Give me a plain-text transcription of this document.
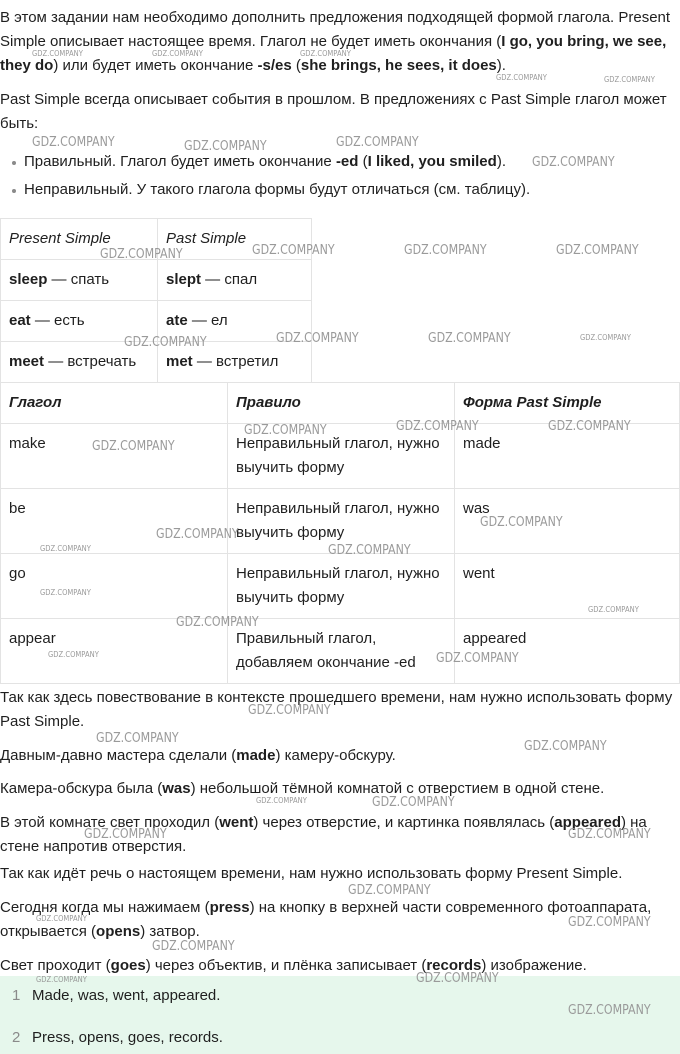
В этом задании нам необходимо дополнить предложения подходящей формой глагола. Present Simple описывает настоящее время. Глагол не будет иметь окончания (I go, you bring, we see, they do) или будет иметь окончание -s/es (she brings, he sees, it does).

Past Simple всегда описывает события в прошлом. В предложениях с Past Simple глагол может быть:

Правильный. Глагол будет иметь окончание -ed (I liked, you smiled).
Неправильный. У такого глагола формы будут отличаться (см. таблицу).
Present Simple	Past Simple
sleep — спать	slept — спал
eat — есть	ate — ел
meet — встречать	met — встретил
Глагол	Правило	Форма Past Simple
make	Неправильный глагол, нужно выучить форму	made
be	Неправильный глагол, нужно выучить форму	was
go	Неправильный глагол, нужно выучить форму	went
appear	Правильный глагол, добавляем окончание -ed	appeared

Так как здесь повествование в контексте прошедшего времени, нам нужно использовать форму Past Simple.

Давным-давно мастера сделали (made) камеру-обскуру.

Камера-обскура была (was) небольшой тёмной комнатой с отверстием в одной стене.

В этой комнате свет проходил (went) через отверстие, и картинка появлялась (appeared) на стене напротив отверстия.

Так как идёт речь о настоящем времени, нам нужно использовать форму Present Simple.

Сегодня когда мы нажимаем (press) на кнопку в верхней части современного фотоаппарата, открывается (opens) затвор.

Свет проходит (goes) через объектив, и плёнка записывает (records) изображение.

1 Made, was, went, appeared.
2 Press, opens, goes, records.
GDZ.COMPANY	GDZ.COMPANY	GDZ.COMPANY
GDZ.COMPANY	GDZ.COMPANY
GDZ.COMPANY	GDZ.COMPANY	GDZ.COMPANY
GDZ.COMPANY
GDZ.COMPANY	GDZ.COMPANY	GDZ.COMPANY	GDZ.COMPANY
GDZ.COMPANY	GDZ.COMPANY	GDZ.COMPANY	GDZ.COMPANY
GDZ.COMPANY
GDZ.COMPANY	GDZ.COMPANY	GDZ.COMPANY
GDZ.COMPANY
GDZ.COMPANY
GDZ.COMPANY	GDZ.COMPANY
GDZ.COMPANY
GDZ.COMPANY
GDZ.COMPANY
GDZ.COMPANY	GDZ.COMPANY
GDZ.COMPANY
GDZ.COMPANY
GDZ.COMPANY
GDZ.COMPANY	GDZ.COMPANY
GDZ.COMPANY	GDZ.COMPANY
GDZ.COMPANY
GDZ.COMPANY	GDZ.COMPANY
GDZ.COMPANY
GDZ.COMPANY	GDZ.COMPANY
GDZ.COMPANY
